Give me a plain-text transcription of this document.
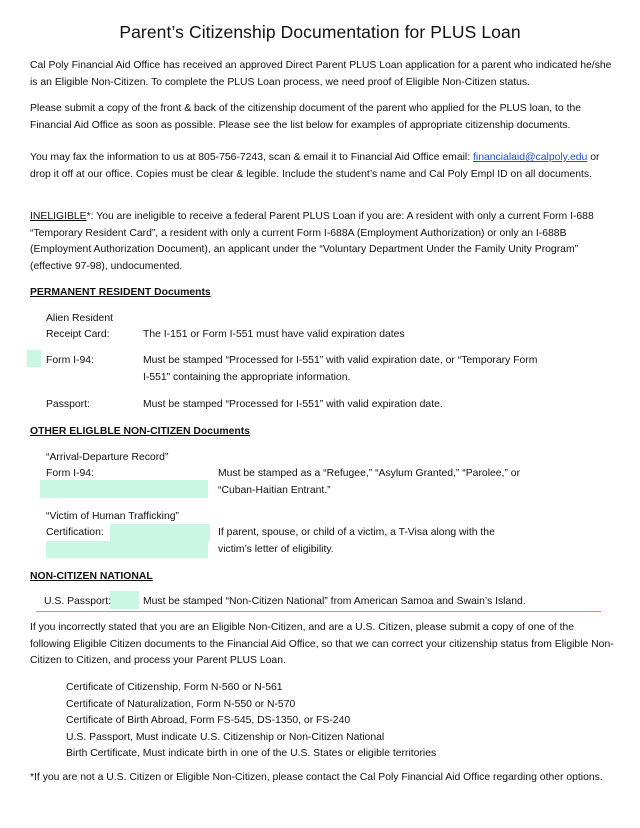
Parent’s Citizenship Documentation for PLUS Loan

Cal Poly Financial Aid Office has received an approved Direct Parent PLUS Loan application for a parent who indicated he/she is an Eligible Non-Citizen. To complete the PLUS Loan process, we need proof of Eligible Non-Citizen status.

Please submit a copy of the front & back of the citizenship document of the parent who applied for the PLUS loan, to the Financial Aid Office as soon as possible. Please see the list below for examples of appropriate citizenship documents.

You may fax the information to us at 805-756-7243, scan & email it to Financial Aid Office email: financialaid@calpoly.edu or drop it off at our office. Copies must be clear & legible. Include the student’s name and Cal Poly Empl ID on all documents.

INELIGIBLE*: You are ineligible to receive a federal Parent PLUS Loan if you are: A resident with only a current Form I-688 “Temporary Resident Card”, a resident with only a current Form I-688A (Employment Authorization) or only an I-688B (Employment Authorization Document), an applicant under the “Voluntary Department Under the Family Unity Program” (effective 97-98), undocumented.

PERMANENT RESIDENT Documents
Alien Resident
Receipt Card:	The I-151 or Form I-551 must have valid expiration dates
Form I-94:	Must be stamped “Processed for I-551” with valid expiration date, or “Temporary Form I-551” containing the appropriate information.
Passport:	Must be stamped “Processed for I-551” with valid expiration date.
OTHER ELIGLBLE NON-CITIZEN Documents
“Arrival-Departure Record”
Form I-94:	Must be stamped as a “Refugee,” “Asylum Granted,” “Parolee,” or “Cuban-Haitian Entrant.”
“Victim of Human Trafficking”
Certification:	If parent, spouse, or child of a victim, a T-Visa along with the victim’s letter of eligibility.
NON-CITIZEN NATIONAL
U.S. Passport:	Must be stamped “Non-Citizen National” from American Samoa and Swain’s Island.

If you incorrectly stated that you are an Eligible Non-Citizen, and are a U.S. Citizen, please submit a copy of one of the following Eligible Citizen documents to the Financial Aid Office, so that we can correct your citizenship status from Eligible Non-Citizen to Citizen, and process your Parent PLUS Loan.

Certificate of Citizenship, Form N-560 or N-561
Certificate of Naturalization, Form N-550 or N-570
Certificate of Birth Abroad, Form FS-545, DS-1350, or FS-240
U.S. Passport, Must indicate U.S. Citizenship or Non-Citizen National
Birth Certificate, Must indicate birth in one of the U.S. States or eligible territories
*If you are not a U.S. Citizen or Eligible Non-Citizen, please contact the Cal Poly Financial Aid Office regarding other options.
